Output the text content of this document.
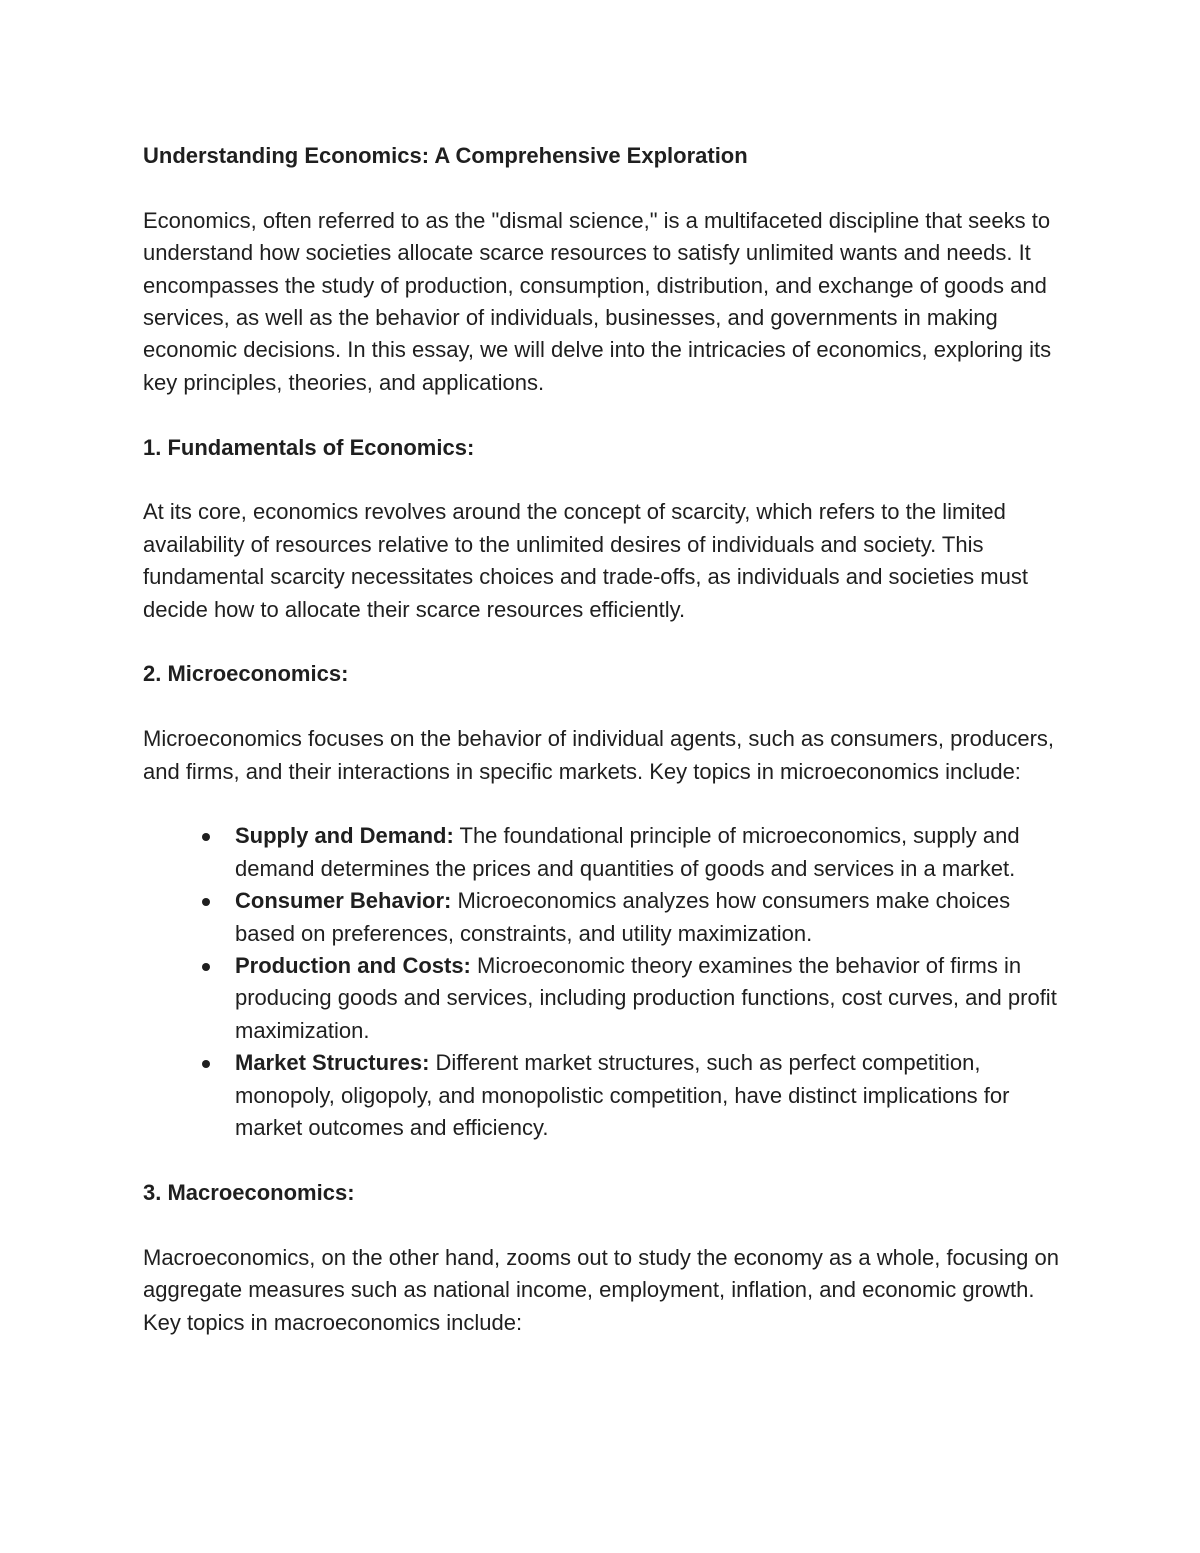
Understanding Economics: A Comprehensive Exploration

Economics, often referred to as the "dismal science," is a multifaceted discipline that seeks to understand how societies allocate scarce resources to satisfy unlimited wants and needs. It encompasses the study of production, consumption, distribution, and exchange of goods and services, as well as the behavior of individuals, businesses, and governments in making economic decisions. In this essay, we will delve into the intricacies of economics, exploring its key principles, theories, and applications.

1. Fundamentals of Economics:

At its core, economics revolves around the concept of scarcity, which refers to the limited availability of resources relative to the unlimited desires of individuals and society. This fundamental scarcity necessitates choices and trade-offs, as individuals and societies must decide how to allocate their scarce resources efficiently.

2. Microeconomics:

Microeconomics focuses on the behavior of individual agents, such as consumers, producers, and firms, and their interactions in specific markets. Key topics in microeconomics include:

Supply and Demand: The foundational principle of microeconomics, supply and demand determines the prices and quantities of goods and services in a market.
Consumer Behavior: Microeconomics analyzes how consumers make choices based on preferences, constraints, and utility maximization.
Production and Costs: Microeconomic theory examines the behavior of firms in producing goods and services, including production functions, cost curves, and profit maximization.
Market Structures: Different market structures, such as perfect competition, monopoly, oligopoly, and monopolistic competition, have distinct implications for market outcomes and efficiency.

3. Macroeconomics:

Macroeconomics, on the other hand, zooms out to study the economy as a whole, focusing on aggregate measures such as national income, employment, inflation, and economic growth. Key topics in macroeconomics include:
